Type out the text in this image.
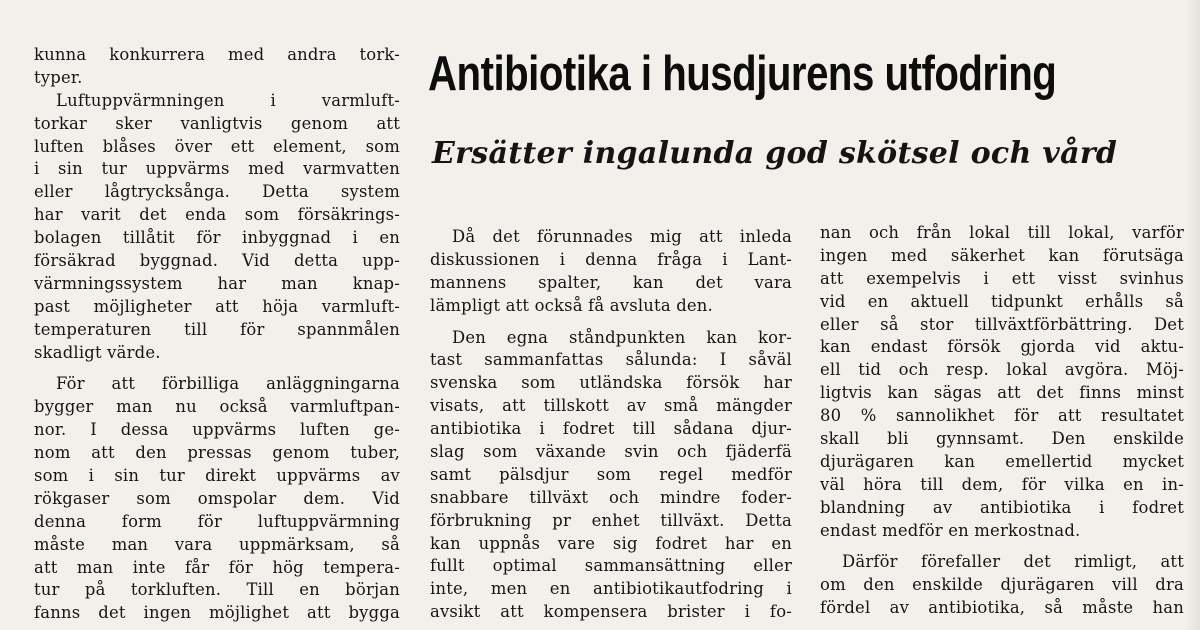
kunna konkurrera med andra tork-
typer.

Luftuppvärmningen i varmluft-
torkar sker vanligtvis genom att
luften blåses över ett element, som
i sin tur uppvärms med varmvatten
eller lågtrycksånga. Detta system
har varit det enda som försäkrings-
bolagen tillåtit för inbyggnad i en
försäkrad byggnad. Vid detta upp-
värmningssystem har man knap-
past möjligheter att höja varmluft-
temperaturen till för spannmålen
skadligt värde.

För att förbilliga anläggningarna
bygger man nu också varmluftpan-
nor. I dessa uppvärms luften ge-
nom att den pressas genom tuber,
som i sin tur direkt uppvärms av
rökgaser som omspolar dem. Vid
denna form för luftuppvärmning
måste man vara uppmärksam, så
att man inte får för hög tempera-
tur på torkluften. Till en början
fanns det ingen möjlighet att bygga

Antibiotika i husdjurens utfodring
Ersätter ingalunda god skötsel och vård

Då det förunnades mig att inleda
diskussionen i denna fråga i Lant-
mannens spalter, kan det vara
lämpligt att också få avsluta den.

Den egna ståndpunkten kan kor-
tast sammanfattas sålunda: I såväl
svenska som utländska försök har
visats, att tillskott av små mängder
antibiotika i fodret till sådana djur-
slag som växande svin och fjäderfä
samt pälsdjur som regel medför
snabbare tillväxt och mindre foder-
förbrukning pr enhet tillväxt. Detta
kan uppnås vare sig fodret har en
fullt optimal sammansättning eller
inte, men en antibiotikautfodring i
avsikt att kompensera brister i fo-

nan och från lokal till lokal, varför
ingen med säkerhet kan förutsäga
att exempelvis i ett visst svinhus
vid en aktuell tidpunkt erhålls så
eller så stor tillväxtförbättring. Det
kan endast försök gjorda vid aktu-
ell tid och resp. lokal avgöra. Möj-
ligtvis kan sägas att det finns minst
80 % sannolikhet för att resultatet
skall bli gynnsamt. Den enskilde
djurägaren kan emellertid mycket
väl höra till dem, för vilka en in-
blandning av antibiotika i fodret
endast medför en merkostnad.

Därför förefaller det rimligt, att
om den enskilde djurägaren vill dra
fördel av antibiotika, så måste han
